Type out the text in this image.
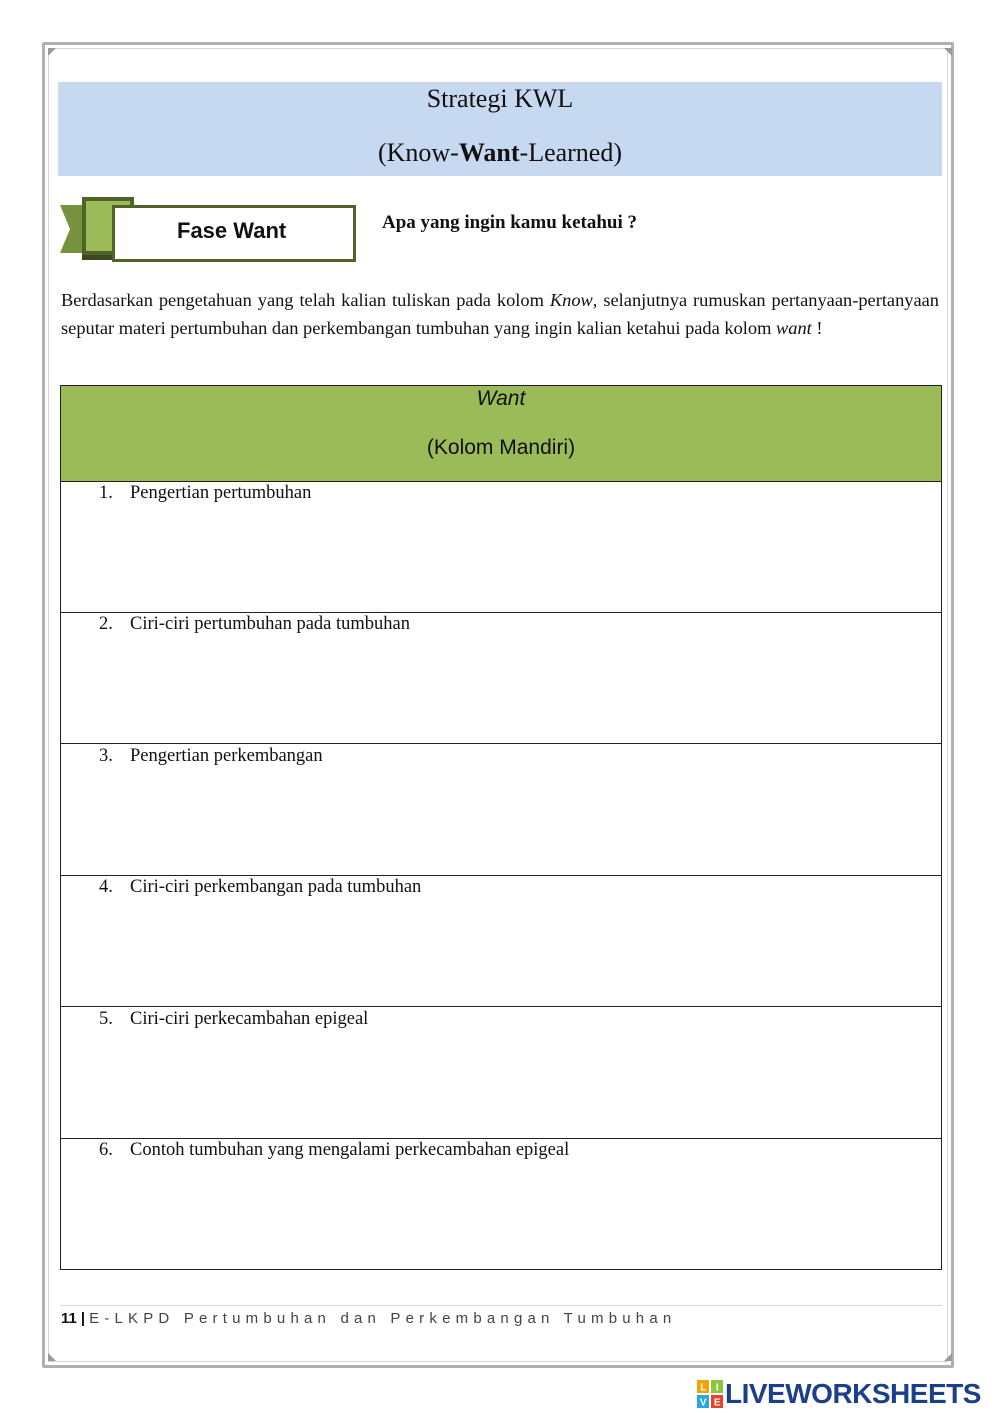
Strategi KWL
(Know-Want-Learned)
Fase Want	Apa yang ingin kamu ketahui ?
Berdasarkan pengetahuan yang telah kalian tuliskan pada kolom Know, selanjutnya rumuskan pertanyaan-pertanyaan seputar materi pertumbuhan dan perkembangan tumbuhan yang ingin kalian ketahui pada kolom want !
Want
(Kolom Mandiri)
1. Pengertian pertumbuhan
2. Ciri-ciri pertumbuhan pada tumbuhan
3. Pengertian perkembangan
4. Ciri-ciri perkembangan pada tumbuhan
5. Ciri-ciri perkecambahan epigeal
6. Contoh tumbuhan yang mengalami perkecambahan epigeal
11 | E-LKPD Pertumbuhan dan Perkembangan Tumbuhan
L I
V E LIVEWORKSHEETS
